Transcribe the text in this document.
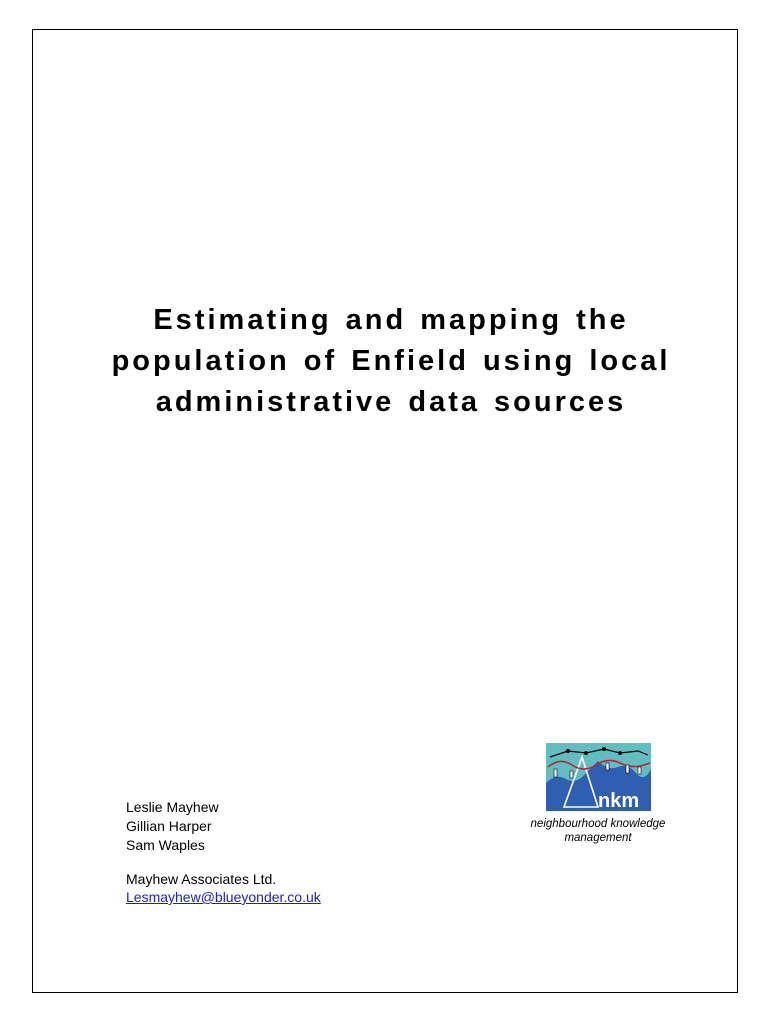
Estimating and mapping the population of Enfield using local administrative data sources
Leslie Mayhew
Gillian Harper
Sam Waples
Mayhew Associates Ltd.
Lesmayhew@blueyonder.co.uk
nkm
neighbourhood knowledge
management
